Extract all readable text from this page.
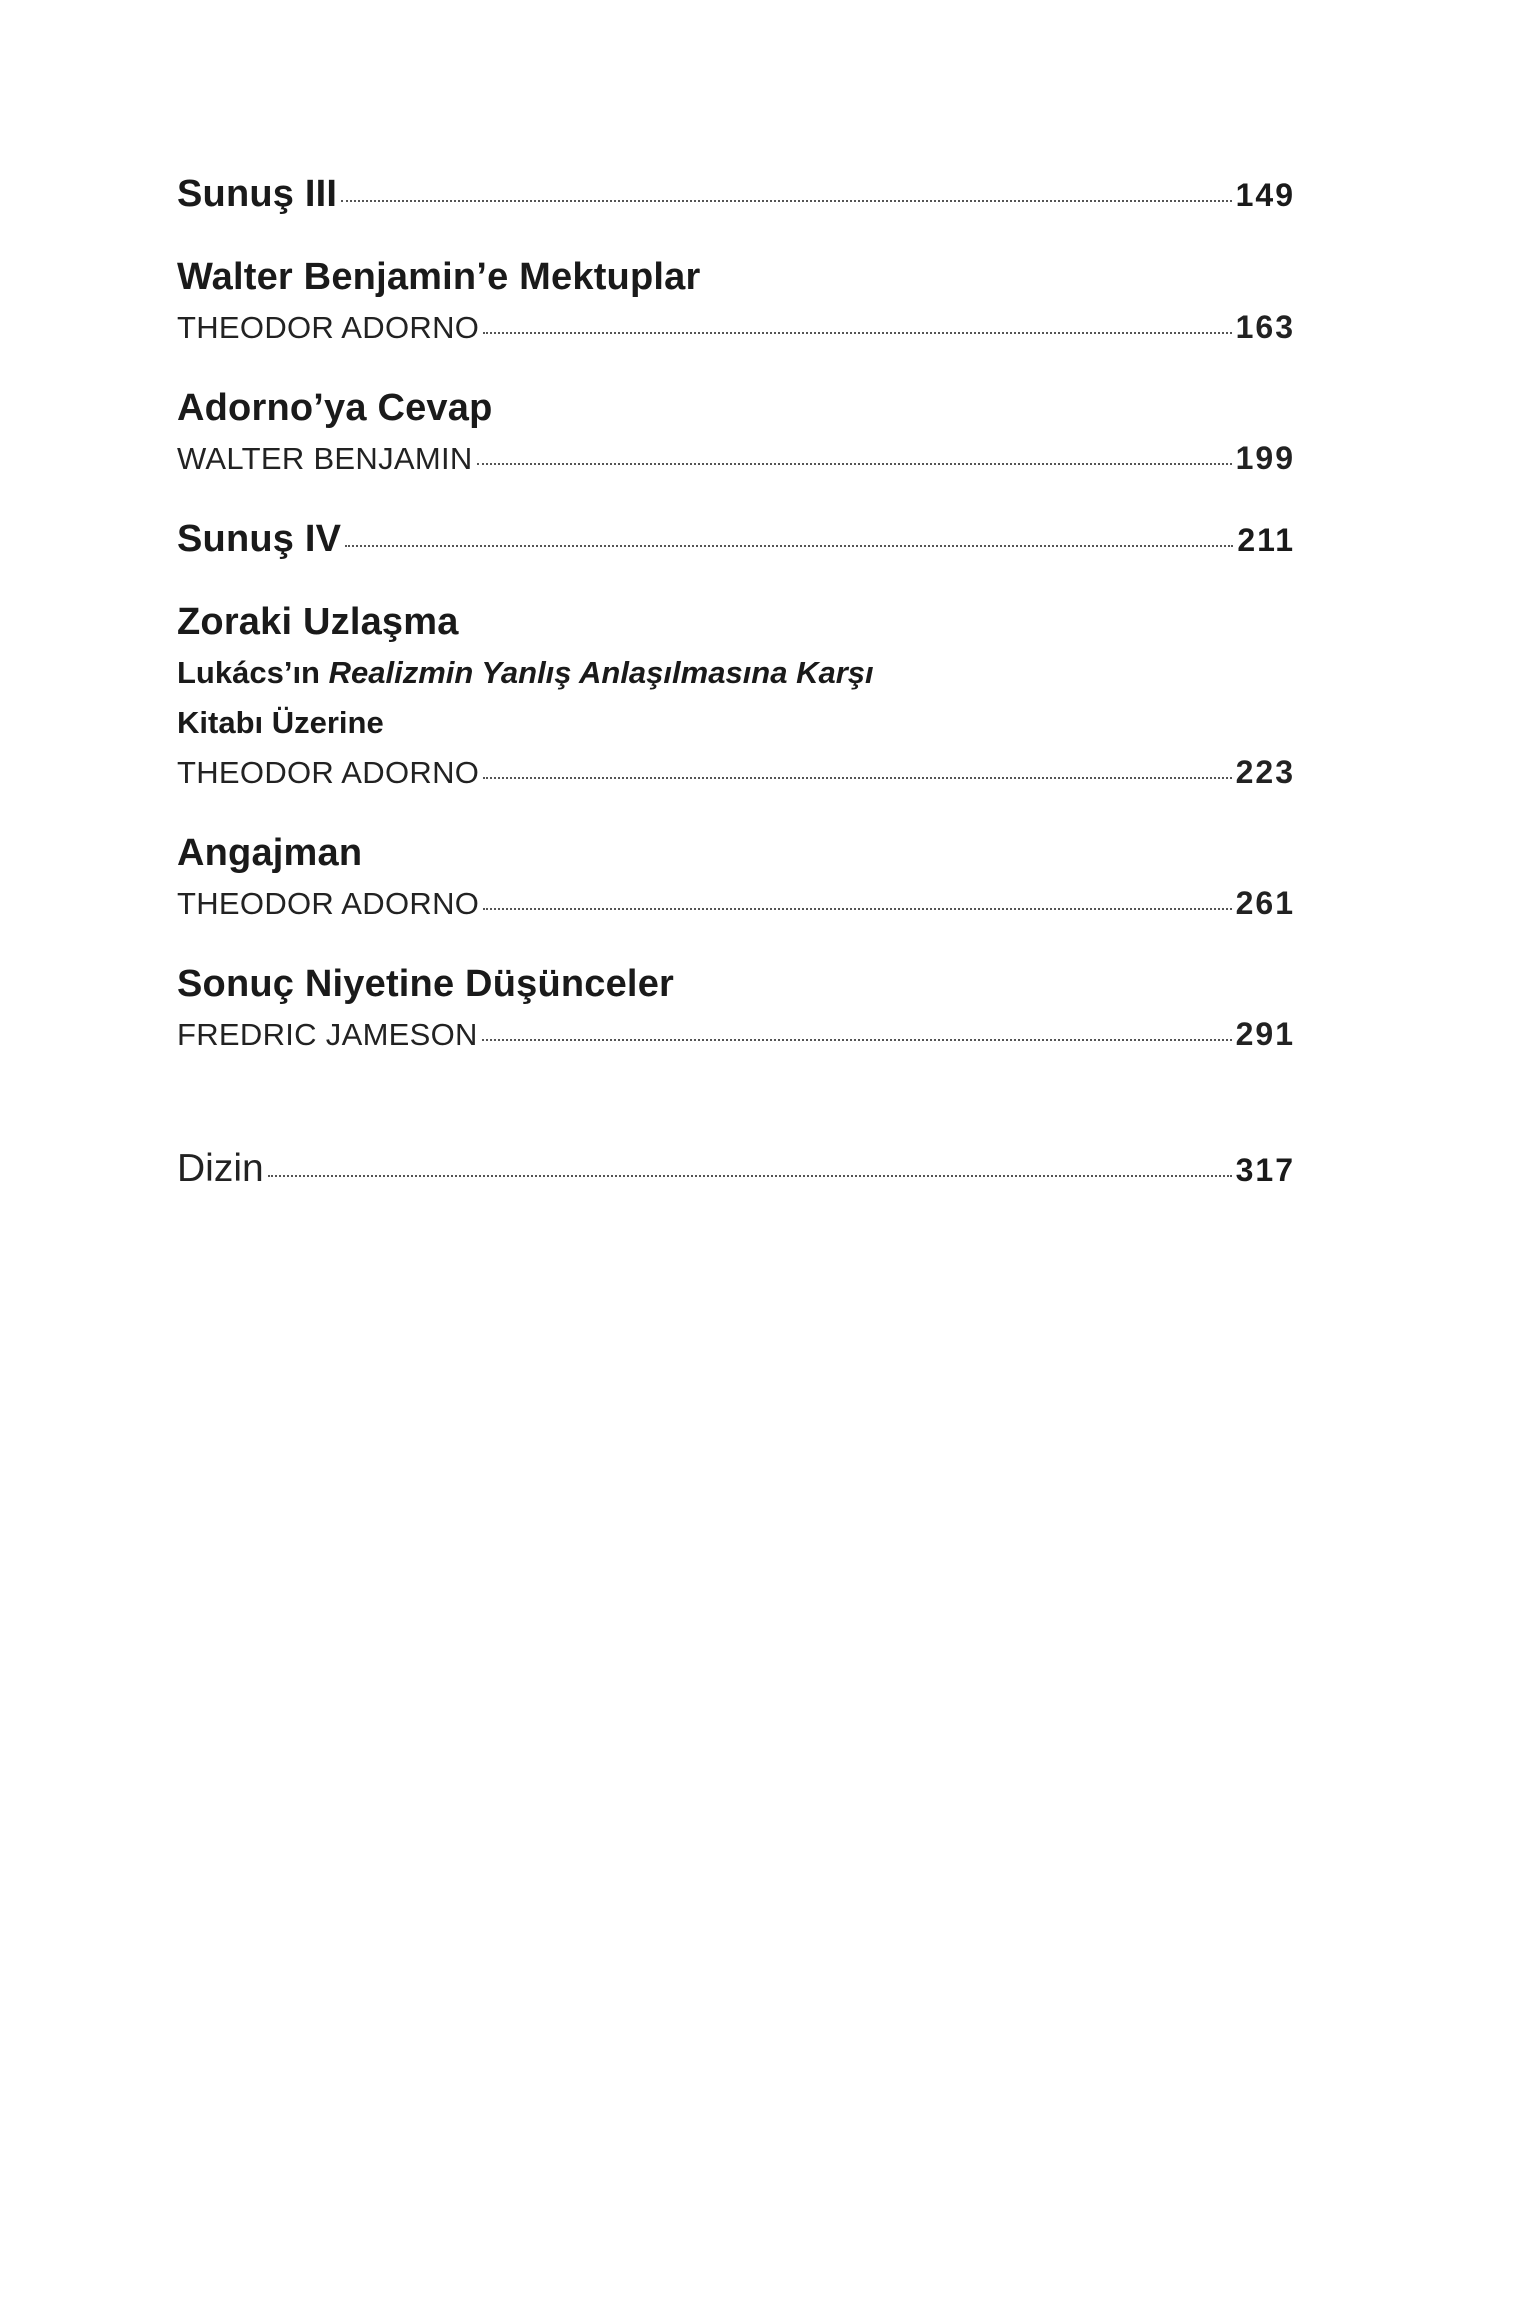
Sunuş III	149
Walter Benjamin’e Mektuplar
THEODOR ADORNO	163
Adorno’ya Cevap
WALTER BENJAMIN	199
Sunuş IV	211
Zoraki Uzlaşma
Lukács’ın Realizmin Yanlış Anlaşılmasına Karşı
Kitabı Üzerine
THEODOR ADORNO	223
Angajman
THEODOR ADORNO	261
Sonuç Niyetine Düşünceler
FREDRIC JAMESON	291
Dizin	317
